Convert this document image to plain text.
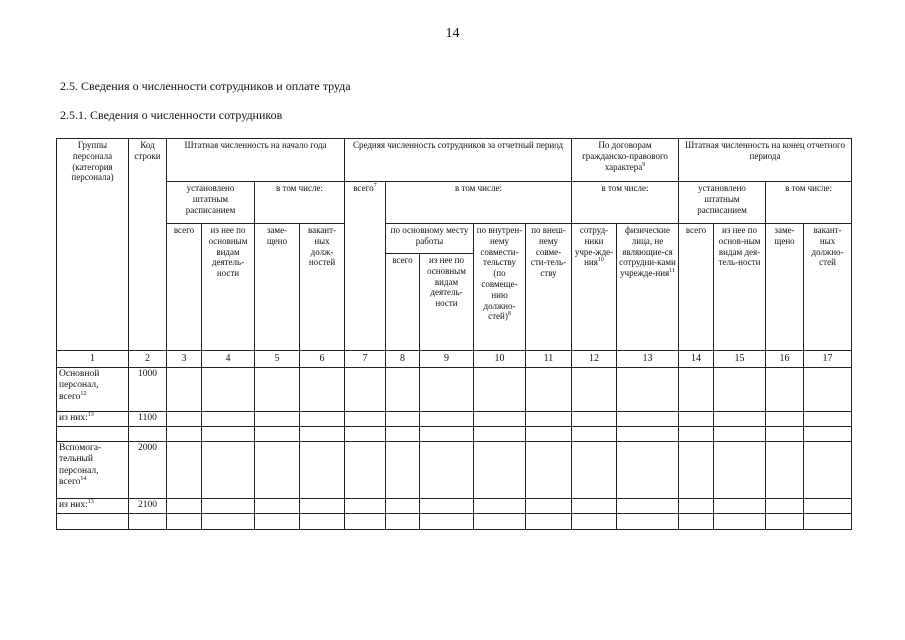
14
2.5. Сведения о численности сотрудников и оплате труда
2.5.1. Сведения о численности сотрудников
Группы персонала (категория персонала)	Код строки	Штатная численность на начало года				Средняя численность сотрудников за отчетный период					По договорам гражданско-правового характера$^9$		Штатная численность на конец отчетного периода			
		установлено штатным расписанием		в том числе:		всего$^7$	в том числе:				в том числе:		установлено штатным расписанием		в том числе:	
		всего	из нее по основным видам деятель-ности	заме-щено	вакант-ных долж-ностей		по основному месту работы		по внутрен-нему совмести-тельству (по совмеще-нию должно-стей)$^8$	по внеш-нему совме-сти-тель-ству	сотруд-ники учре-жде-ния$^{10}$	физические лица, не являющие-ся сотрудни-ками учрежде-ния$^{11}$	всего	из нее по основ-ным видам дея-тель-ности	заме-щено	вакант-ных должно-стей
							всего	из нее по основным видам деятель-ности								

1	2	3	4	5	6	7	8	9	10	11	12	13	14	15	16	17
Основной персонал, всего$^{12}$	1000															
из них:$^{13}$	1100															

Вспомога-тельный персонал, всего$^{14}$	2000															
из них:$^{13}$	2100															
